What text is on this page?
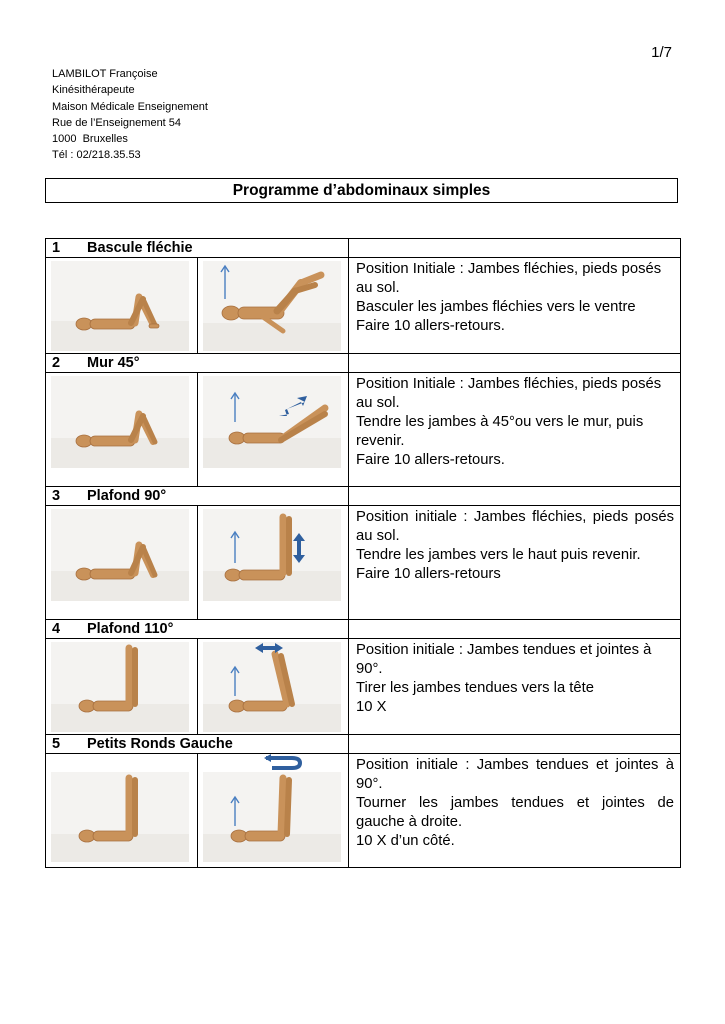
1/7
LAMBILOT Françoise
Kinésithérapeute
Maison Médicale Enseignement
Rue de l’Enseignement 54
1000  Bruxelles
Tél : 02/218.35.53
Programme d’abdominaux simples
1 Bascule fléchie		

Position Initiale : Jambes fléchies, pieds posés au sol.
Basculer les jambes fléchies vers le ventre
Faire 10 allers-retours.

2 Mur 45°		

Position Initiale : Jambes fléchies, pieds posés au sol.
Tendre les jambes à 45°ou vers le mur, puis revenir.
Faire 10 allers-retours.

3 Plafond 90°		

Position initiale : Jambes fléchies, pieds posés au sol.
Tendre les jambes vers le haut puis revenir.
Faire 10 allers-retours

4 Plafond 110°		

Position initiale : Jambes tendues et jointes à 90°.
Tirer les jambes tendues vers la tête
10 X

5 Petits Ronds Gauche		

Position initiale : Jambes tendues et jointes à 90°.
Tourner les jambes tendues et jointes de gauche à droite.
10 X d’un côté.
